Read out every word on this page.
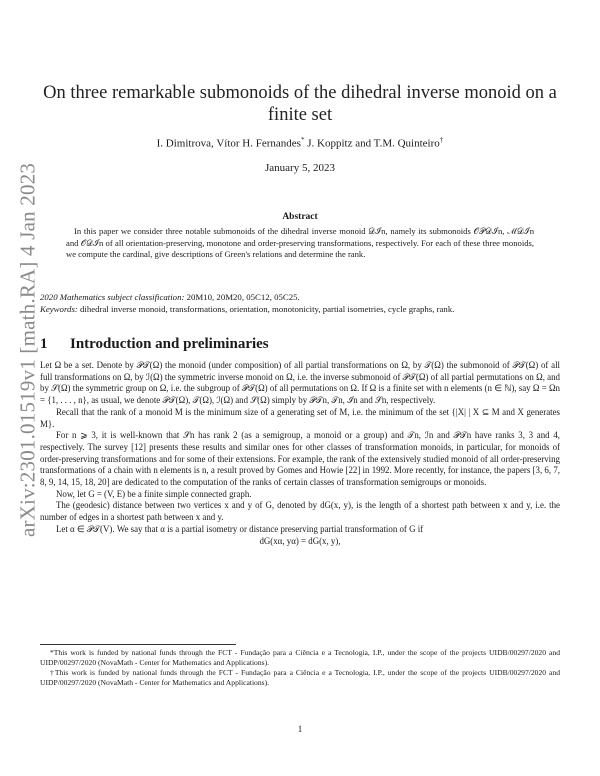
arXiv:2301.01519v1 [math.RA] 4 Jan 2023
On three remarkable submonoids of the dihedral inverse monoid on a finite set
I. Dimitrova, Vítor H. Fernandes* J. Koppitz and T.M. Quinteiro†
January 5, 2023
Abstract
In this paper we consider three notable submonoids of the dihedral inverse monoid 𝒟ℐn, namely its submonoids 𝒪𝒫𝒟ℐn, ℳ𝒟ℐn and 𝒪𝒟ℐn of all orientation-preserving, monotone and order-preserving transformations, respectively. For each of these three monoids, we compute the cardinal, give descriptions of Green's relations and determine the rank.
2020 Mathematics subject classification: 20M10, 20M20, 05C12, 05C25.
Keywords: dihedral inverse monoid, transformations, orientation, monotonicity, partial isometries, cycle graphs, rank.
1 Introduction and preliminaries

Let Ω be a set. Denote by 𝒫𝒯(Ω) the monoid (under composition) of all partial transformations on Ω, by 𝒯(Ω) the submonoid of 𝒫𝒯(Ω) of all full transformations on Ω, by ℐ(Ω) the symmetric inverse monoid on Ω, i.e. the inverse submonoid of 𝒫𝒯(Ω) of all partial permutations on Ω, and by 𝒮(Ω) the symmetric group on Ω, i.e. the subgroup of 𝒫𝒯(Ω) of all permutations on Ω. If Ω is a finite set with n elements (n ∈ ℕ), say Ω = Ωn = {1, . . . , n}, as usual, we denote 𝒫𝒯(Ω), 𝒯(Ω), ℐ(Ω) and 𝒮(Ω) simply by 𝒫𝒯n, 𝒯n, ℐn and 𝒮n, respectively.

Recall that the rank of a monoid M is the minimum size of a generating set of M, i.e. the minimum of the set {|X| | X ⊆ M and X generates M}.

For n ⩾ 3, it is well-known that 𝒮n has rank 2 (as a semigroup, a monoid or a group) and 𝒯n, ℐn and 𝒫𝒯n have ranks 3, 3 and 4, respectively. The survey [12] presents these results and similar ones for other classes of transformation monoids, in particular, for monoids of order-preserving transformations and for some of their extensions. For example, the rank of the extensively studied monoid of all order-preserving transformations of a chain with n elements is n, a result proved by Gomes and Howie [22] in 1992. More recently, for instance, the papers [3, 6, 7, 8, 9, 14, 15, 18, 20] are dedicated to the computation of the ranks of certain classes of transformation semigroups or monoids.

Now, let G = (V, E) be a finite simple connected graph.

The (geodesic) distance between two vertices x and y of G, denoted by dG(x, y), is the length of a shortest path between x and y, i.e. the number of edges in a shortest path between x and y.

Let α ∈ 𝒫𝒯(V). We say that α is a partial isometry or distance preserving partial transformation of G if

dG(xα, yα) = dG(x, y),

*This work is funded by national funds through the FCT - Fundação para a Ciência e a Tecnologia, I.P., under the scope of the projects UIDB/00297/2020 and UIDP/00297/2020 (NovaMath - Center for Mathematics and Applications).

†This work is funded by national funds through the FCT - Fundação para a Ciência e a Tecnologia, I.P., under the scope of the projects UIDB/00297/2020 and UIDP/00297/2020 (NovaMath - Center for Mathematics and Applications).

1
